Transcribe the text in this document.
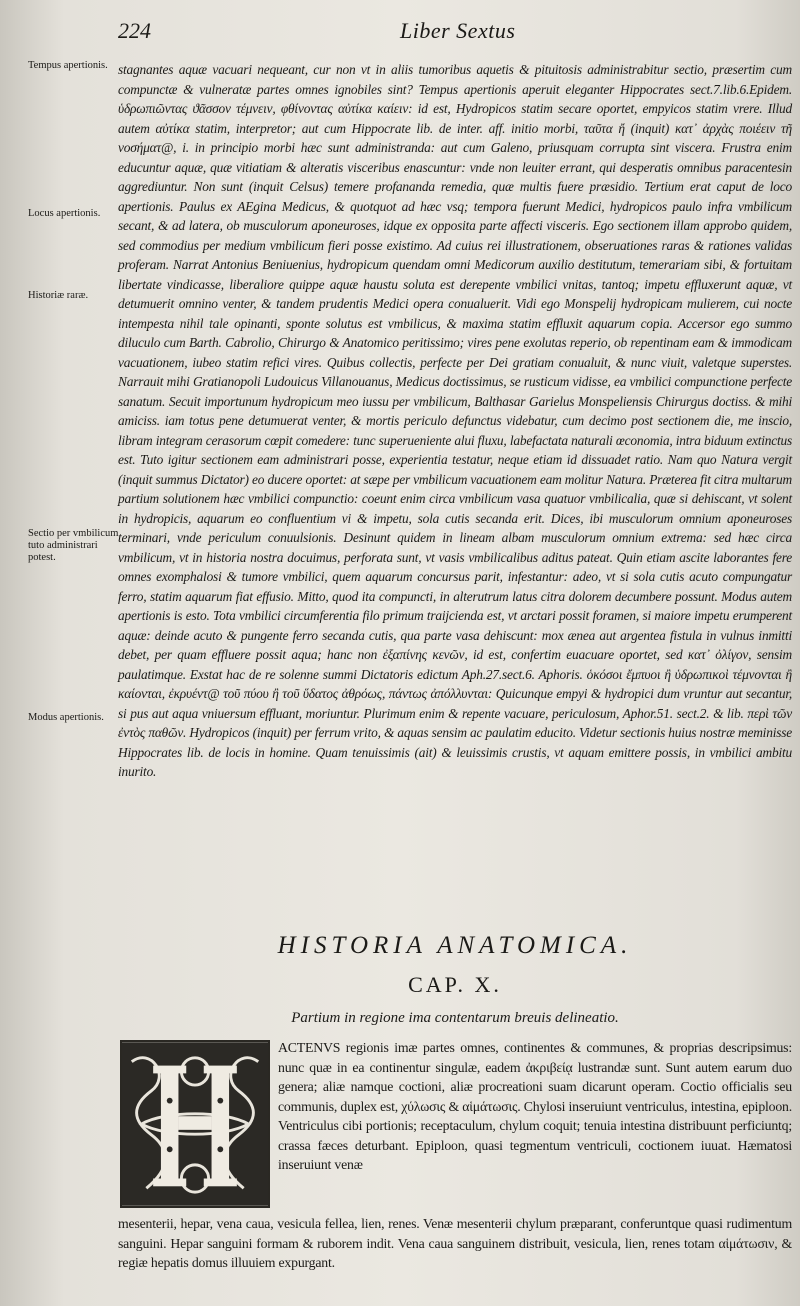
224	Liber Sextus
Tempus apertionis.
Locus apertionis.
Historiæ raræ.
Sectio per vmbilicum tuto administrari potest.
Modus apertionis.

stagnantes aquæ vacuari nequeant, cur non vt in aliis tumoribus aquetis & pituitosis administrabitur sectio, præsertim cum compunctæ & vulneratæ partes omnes ignobiles sint? Tempus apertionis aperuit eleganter Hippocrates sect.7.lib.6.Epidem. ὑδρωπιῶντας ϑᾶσσον τέμνειν, φθίνοντας αὐτίκα καίειν: id est, Hydropicos statim secare oportet, empyicos statim vrere. Illud autem αὐτίκα statim, interpretor; aut cum Hippocrate lib. de inter. aff. initio morbi, ταῦτα ἤ (inquit) κατ᾽ ἀρχὰς ποιέειν τῆ νοσήματ@, i. in principio morbi hæc sunt administranda: aut cum Galeno, priusquam corrupta sint viscera. Frustra enim educuntur aquæ, quæ vitiatiam & alteratis visceribus enascuntur: vnde non leuiter errant, qui desperatis omnibus paracentesin aggrediuntur. Non sunt (inquit Celsus) temere profananda remedia, quæ multis fuere præsidio. Tertium erat caput de loco apertionis. Paulus ex AEgina Medicus, & quotquot ad hæc vsq; tempora fuerunt Medici, hydropicos paulo infra vmbilicum secant, & ad latera, ob musculorum aponeuroses, idque ex opposita parte affecti visceris. Ego sectionem illam approbo quidem, sed commodius per medium vmbilicum fieri posse existimo. Ad cuius rei illustrationem, obseruationes raras & rationes validas proferam. Narrat Antonius Beniuenius, hydropicum quendam omni Medicorum auxilio destitutum, temerariam sibi, & fortuitam libertate vindicasse, liberaliore quippe aquæ haustu soluta est derepente vmbilici vnitas, tantoq; impetu effluxerunt aquæ, vt detumuerit omnino venter, & tandem prudentis Medici opera conualuerit. Vidi ego Monspelij hydropicam mulierem, cui nocte intempesta nihil tale opinanti, sponte solutus est vmbilicus, & maxima statim effluxit aquarum copia. Accersor ego summo diluculo cum Barth. Cabrolio, Chirurgo & Anatomico peritissimo; vires pene exolutas reperio, ob repentinam eam & immodicam vacuationem, iubeo statim refici vires. Quibus collectis, perfecte per Dei gratiam conualuit, & nunc viuit, valetque superstes. Narrauit mihi Gratianopoli Ludouicus Villanouanus, Medicus doctissimus, se rusticum vidisse, ea vmbilici compunctione perfecte sanatum. Secuit importunum hydropicum meo iussu per vmbilicum, Balthasar Garielus Monspeliensis Chirurgus doctiss. & mihi amiciss. iam totus pene detumuerat venter, & mortis periculo defunctus videbatur, cum decimo post sectionem die, me inscio, libram integram cerasorum cœpit comedere: tunc superueniente alui fluxu, labefactata naturali œconomia, intra biduum extinctus est. Tuto igitur sectionem eam administrari posse, experientia testatur, neque etiam id dissuadet ratio. Nam quo Natura vergit (inquit summus Dictator) eo ducere oportet: at sæpe per vmbilicum vacuationem eam molitur Natura. Præterea fit citra multarum partium solutionem hæc vmbilici compunctio: coeunt enim circa vmbilicum vasa quatuor vmbilicalia, quæ si dehiscant, vt solent in hydropicis, aquarum eo confluentium vi & impetu, sola cutis secanda erit. Dices, ibi musculorum omnium aponeuroses terminari, vnde periculum conuulsionis. Desinunt quidem in lineam albam musculorum omnium extrema: sed hæc circa vmbilicum, vt in historia nostra docuimus, perforata sunt, vt vasis vmbilicalibus aditus pateat. Quin etiam ascite laborantes fere omnes exomphalosi & tumore vmbilici, quem aquarum concursus parit, infestantur: adeo, vt si sola cutis acuto compungatur ferro, statim aquarum fiat effusio. Mitto, quod ita compuncti, in alterutrum latus citra dolorem decumbere possunt. Modus autem apertionis is esto. Tota vmbilici circumferentia filo primum traijcienda est, vt arctari possit foramen, si maiore impetu erumperent aquæ: deinde acuto & pungente ferro secanda cutis, qua parte vasa dehiscunt: mox ænea aut argentea fistula in vulnus inmitti debet, per quam effluere possit aqua; hanc non ἐξαπίνης κενῶν, id est, confertim euacuare oportet, sed κατ᾽ ὀλίγον, sensim paulatimque. Exstat hac de re solenne summi Dictatoris edictum Aph.27.sect.6. Aphoris. ὁκόσοι ἔμπυοι ἢ ὑδρωπικοὶ τέμνονται ἢ καίονται, ἐκρυέντ@ τοῦ πύου ἢ τοῦ ὕδατος ἀθρόως, πάντως ἀπόλλυνται: Quicunque empyi & hydropici dum vruntur aut secantur, si pus aut aqua vniuersum effluant, moriuntur. Plurimum enim & repente vacuare, periculosum, Aphor.51. sect.2. & lib. περὶ τῶν ἐντὸς παθῶν. Hydropicos (inquit) per ferrum vrito, & aquas sensim ac paulatim educito. Videtur sectionis huius nostræ meminisse Hippocrates lib. de locis in homine. Quam tenuissimis (ait) & leuissimis crustis, vt aquam emittere possis, in vmbilici ambitu inurito.

HISTORIA ANATOMICA.
CAP. X.
Partium in regione ima contentarum breuis delineatio.

ACTENVS regionis imæ partes omnes, continentes & communes, & proprias descripsimus: nunc quæ in ea continentur singulæ, eadem ἀκριβείᾳ lustrandæ sunt. Sunt autem earum duo genera; aliæ namque coctioni, aliæ procreationi suam dicarunt operam. Coctio officialis seu communis, duplex est, χύλωσις & αἱμάτωσις. Chylosi inseruiunt ventriculus, intestina, epiploon. Ventriculus cibi portionis; receptaculum, chylum coquit; tenuia intestina distribuunt perficiuntq; crassa fæces deturbant. Epiploon, quasi tegmentum ventriculi, coctionem iuuat. Hæmatosi inseruiunt venæ

mesenterii, hepar, vena caua, vesicula fellea, lien, renes. Venæ mesenterii chylum præparant, conferuntque quasi rudimentum sanguini. Hepar sanguini formam & ruborem indit. Vena caua sanguinem distribuit, vesicula, lien, renes totam αἱμάτωσιν, & regiæ hepatis domus illuuiem expurgant.
